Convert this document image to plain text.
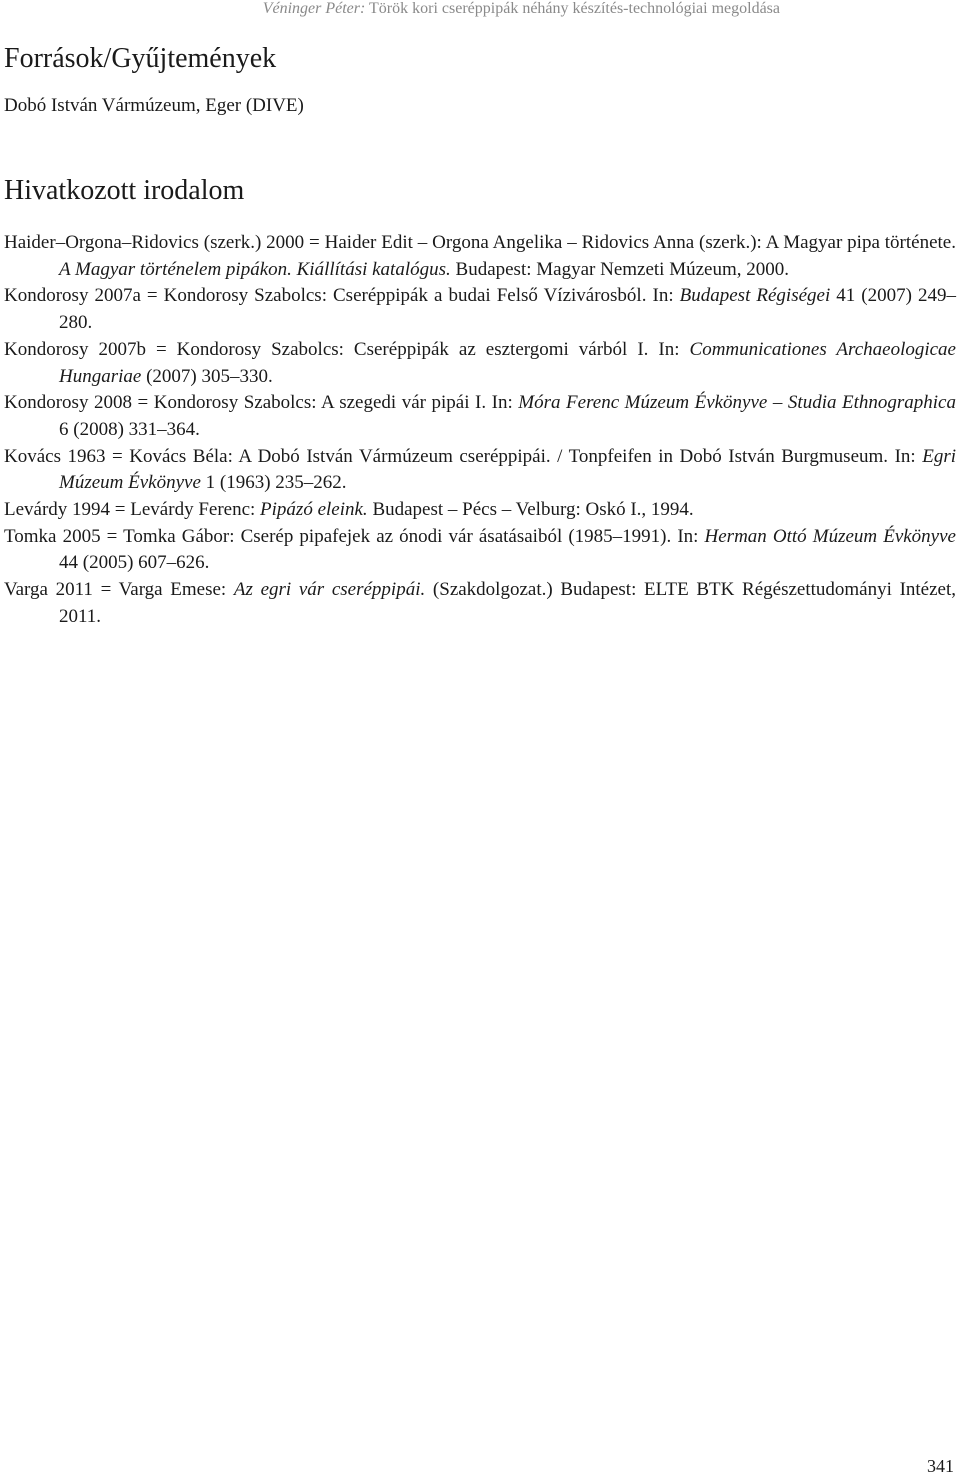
Véninger Péter: Török kori cseréppipák néhány készítés-technológiai megoldása
Források/Gyűjtemények
Dobó István Vármúzeum, Eger (DIVE)
Hivatkozott irodalom

Haider–Orgona–Ridovics (szerk.) 2000 = Haider Edit – Orgona Angelika – Ridovics Anna (szerk.): A Magyar pipa története. A Magyar történelem pipákon. Kiállítási katalógus. Budapest: Magyar Nemzeti Múzeum, 2000.

Kondorosy 2007a = Kondorosy Szabolcs: Cseréppipák a budai Felső Vízivárosból. In: Budapest Régiségei 41 (2007) 249–280.

Kondorosy 2007b = Kondorosy Szabolcs: Cseréppipák az esztergomi várból I. In: Communicationes Archaeologicae Hungariae (2007) 305–330.

Kondorosy 2008 = Kondorosy Szabolcs: A szegedi vár pipái I. In: Móra Ferenc Múzeum Évkönyve – Studia Ethnographica 6 (2008) 331–364.

Kovács 1963 = Kovács Béla: A Dobó István Vármúzeum cseréppipái. / Tonpfeifen in Dobó István Burgmuseum. In: Egri Múzeum Évkönyve 1 (1963) 235–262.

Levárdy 1994 = Levárdy Ferenc: Pipázó eleink. Budapest – Pécs – Velburg: Oskó I., 1994.

Tomka 2005 = Tomka Gábor: Cserép pipafejek az ónodi vár ásatásaiból (1985–1991). In: Herman Ottó Múzeum Évkönyve 44 (2005) 607–626.

Varga 2011 = Varga Emese: Az egri vár cseréppipái. (Szakdolgozat.) Budapest: ELTE BTK Régészettudományi Intézet, 2011.

341
